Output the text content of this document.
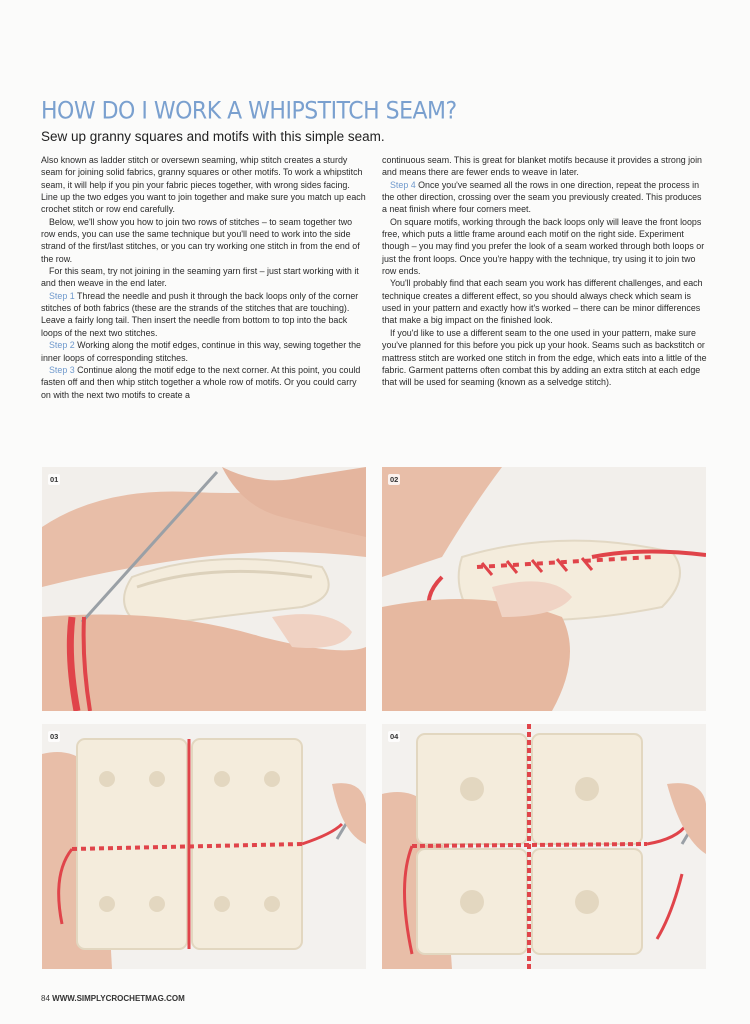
HOW DO I WORK A WHIPSTITCH SEAM?
Sew up granny squares and motifs with this simple seam.

Also known as ladder stitch or oversewn seaming, whip stitch creates a sturdy seam for joining solid fabrics, granny squares or other motifs. To work a whipstitch seam, it will help if you pin your fabric pieces together, with wrong sides facing. Line up the two edges you want to join together and make sure you match up each crochet stitch or row end carefully.

Below, we'll show you how to join two rows of stitches – to seam together two row ends, you can use the same technique but you'll need to work into the side strand of the first/last stitches, or you can try working one stitch in from the end of the row.

For this seam, try not joining in the seaming yarn first – just start working with it and then weave in the end later.

Step 1 Thread the needle and push it through the back loops only of the corner stitches of both fabrics (these are the strands of the stitches that are touching). Leave a fairly long tail. Then insert the needle from bottom to top into the back loops of the next two stitches.

Step 2 Working along the motif edges, continue in this way, sewing together the inner loops of corresponding stitches.

Step 3 Continue along the motif edge to the next corner. At this point, you could fasten off and then whip stitch together a whole row of motifs. Or you could carry on with the next two motifs to create a

continuous seam. This is great for blanket motifs because it provides a strong join and means there are fewer ends to weave in later.

Step 4 Once you've seamed all the rows in one direction, repeat the process in the other direction, crossing over the seam you previously created. This produces a neat finish where four corners meet.

On square motifs, working through the back loops only will leave the front loops free, which puts a little frame around each motif on the right side. Experiment though – you may find you prefer the look of a seam worked through both loops or just the front loops. Once you're happy with the technique, try using it to join two row ends.

You'll probably find that each seam you work has different challenges, and each technique creates a different effect, so you should always check which seam is used in your pattern and exactly how it's worked – there can be minor differences that make a big impact on the finished look.

If you'd like to use a different seam to the one used in your pattern, make sure you've planned for this before you pick up your hook. Seams such as backstitch or mattress stitch are worked one stitch in from the edge, which eats into a little of the fabric. Garment patterns often combat this by adding an extra stitch at each edge that will be used for seaming (known as a selvedge stitch).

01	02
03	04
84 WWW.SIMPLYCROCHETMAG.COM
